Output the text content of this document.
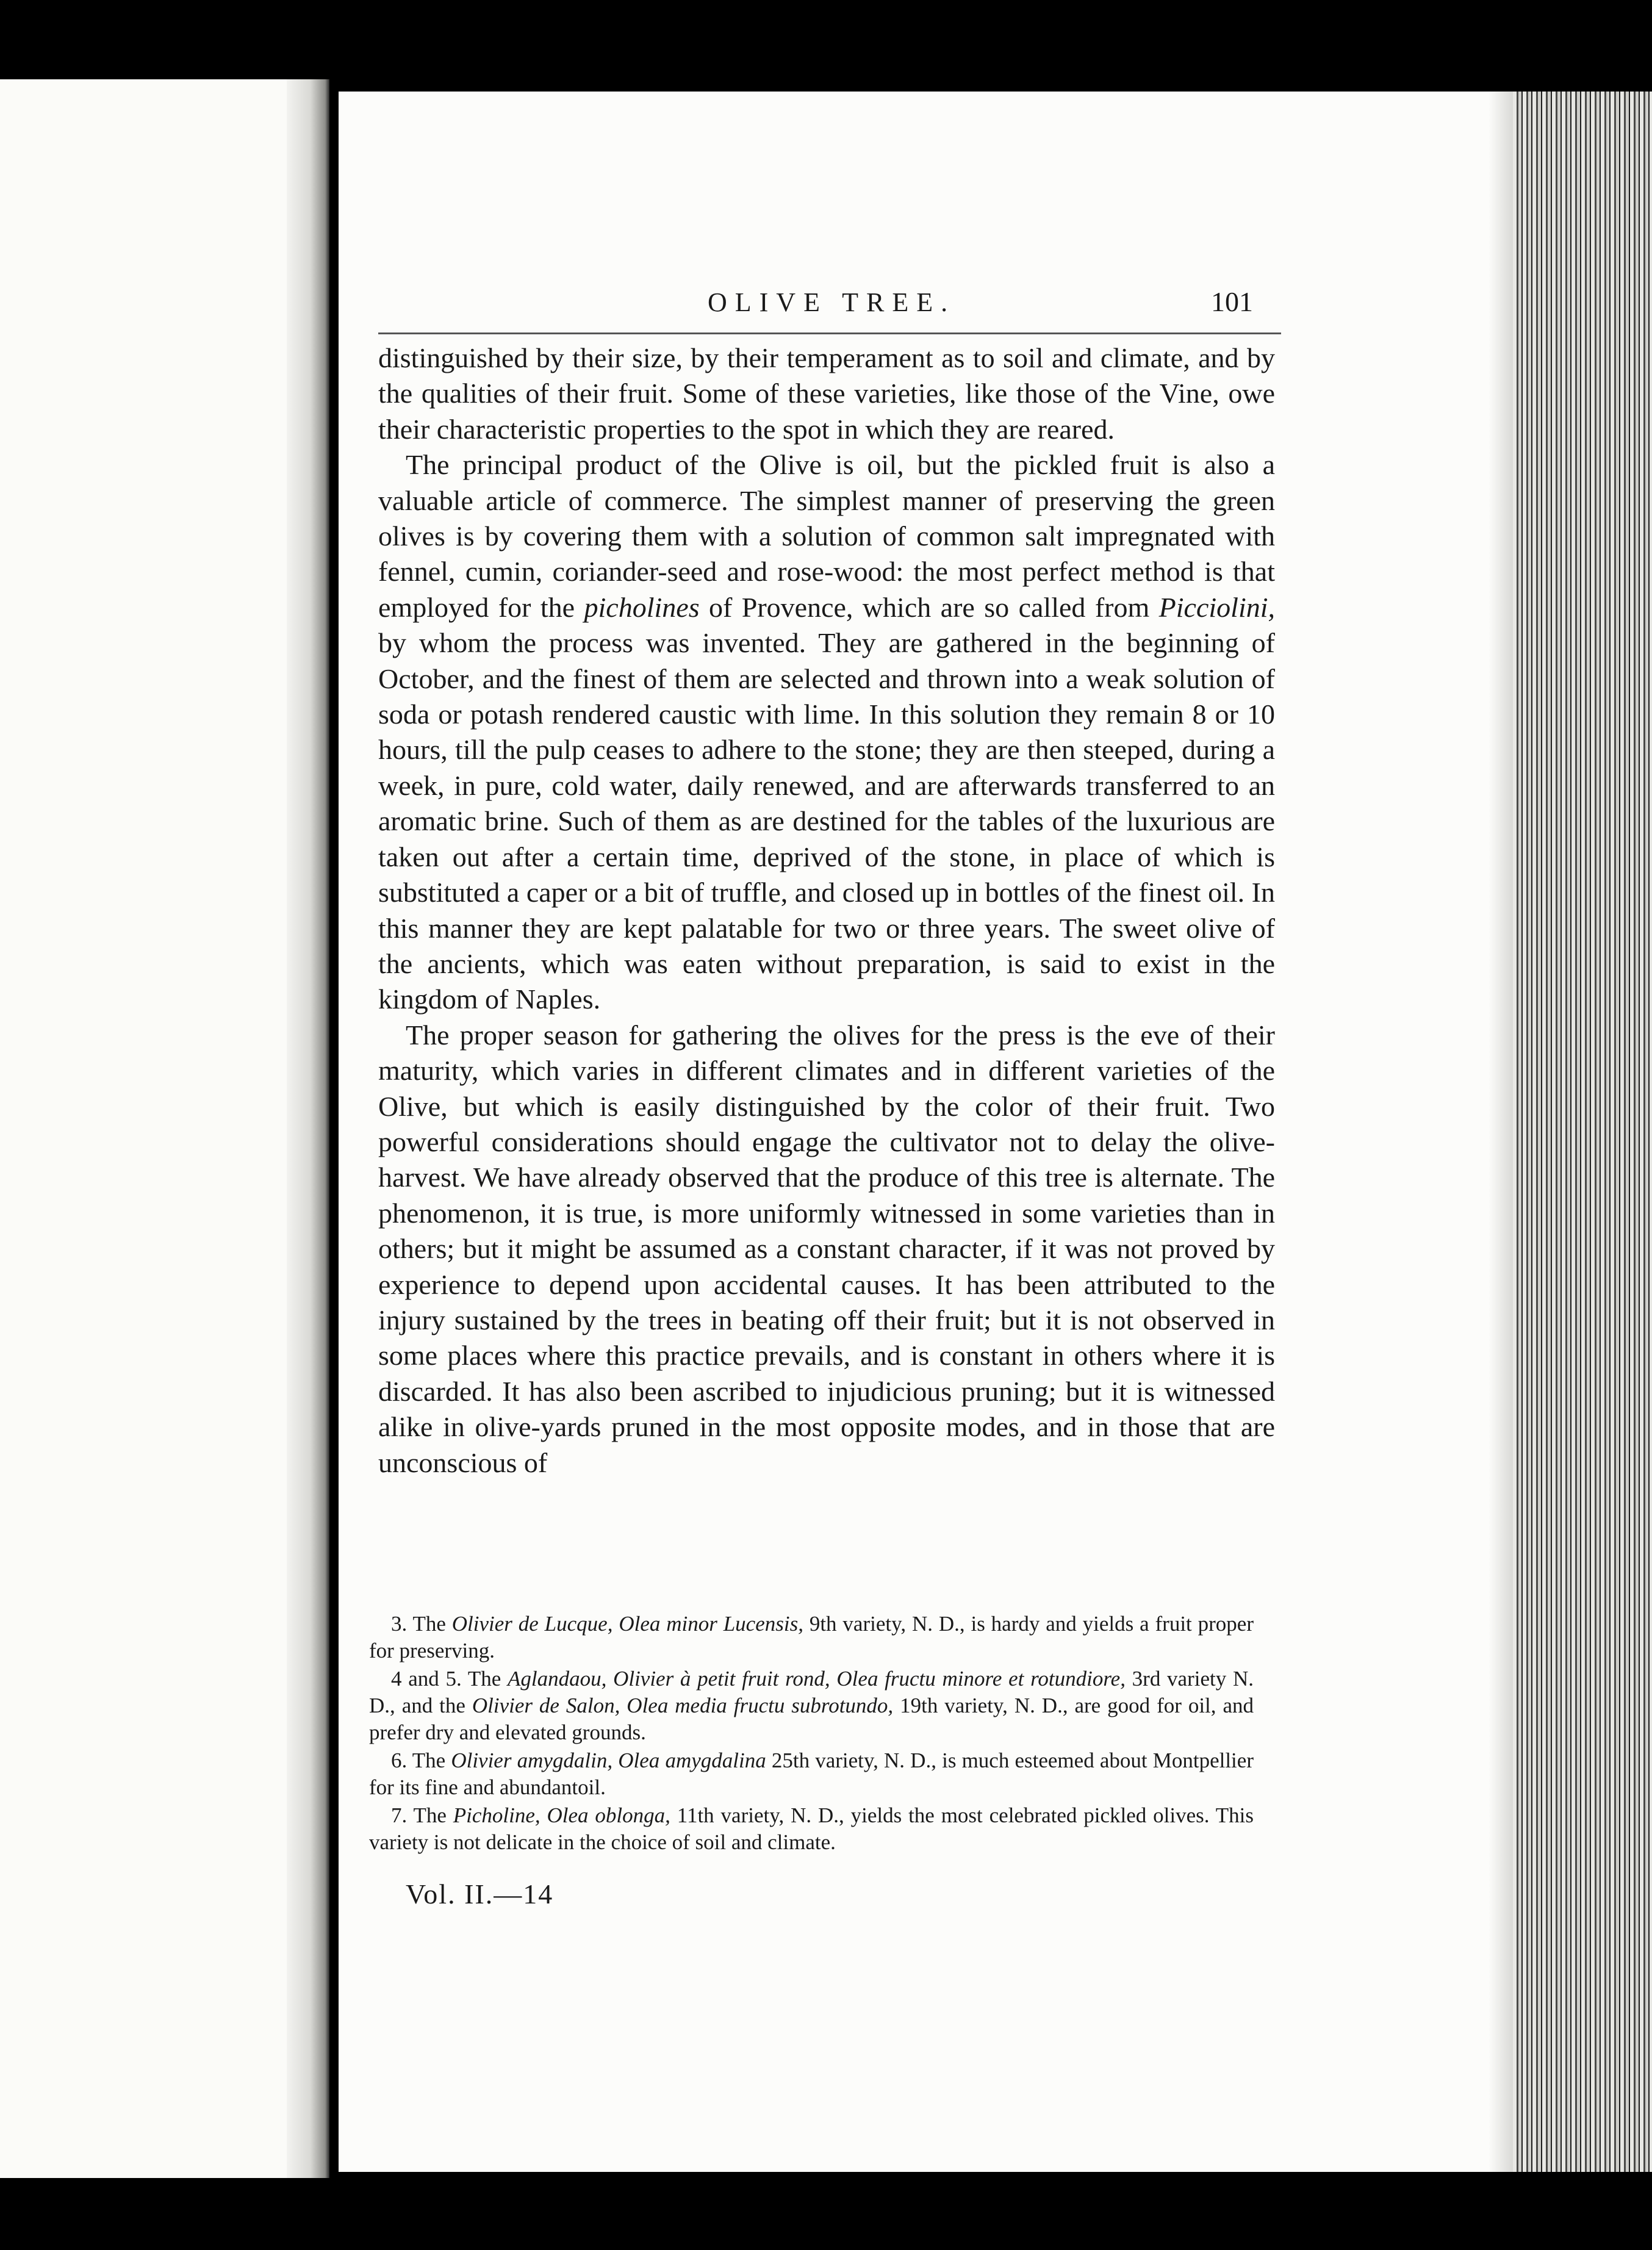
OLIVE TREE.	101

distinguished by their size, by their temperament as to soil and climate, and by the qualities of their fruit. Some of these varieties, like those of the Vine, owe their characteristic properties to the spot in which they are reared.

The principal product of the Olive is oil, but the pickled fruit is also a valuable article of commerce. The simplest manner of preserving the green olives is by covering them with a solution of common salt impregnated with fennel, cumin, coriander-seed and rose-wood: the most perfect method is that employed for the picholines of Provence, which are so called from Picciolini, by whom the process was invented. They are gathered in the beginning of October, and the finest of them are selected and thrown into a weak solution of soda or potash rendered caustic with lime. In this solution they remain 8 or 10 hours, till the pulp ceases to adhere to the stone; they are then steeped, during a week, in pure, cold water, daily renewed, and are afterwards transferred to an aromatic brine. Such of them as are destined for the tables of the luxurious are taken out after a certain time, deprived of the stone, in place of which is substituted a caper or a bit of truffle, and closed up in bottles of the finest oil. In this manner they are kept palatable for two or three years. The sweet olive of the ancients, which was eaten without preparation, is said to exist in the kingdom of Naples.

The proper season for gathering the olives for the press is the eve of their maturity, which varies in different climates and in different varieties of the Olive, but which is easily distinguished by the color of their fruit. Two powerful considerations should engage the cultivator not to delay the olive-harvest. We have already observed that the produce of this tree is alternate. The phenomenon, it is true, is more uniformly witnessed in some varieties than in others; but it might be assumed as a constant character, if it was not proved by experience to depend upon accidental causes. It has been attributed to the injury sustained by the trees in beating off their fruit; but it is not observed in some places where this practice prevails, and is constant in others where it is discarded. It has also been ascribed to injudicious pruning; but it is witnessed alike in olive-yards pruned in the most opposite modes, and in those that are unconscious of

3. The Olivier de Lucque, Olea minor Lucensis, 9th variety, N. D., is hardy and yields a fruit proper for preserving.

4 and 5. The Aglandaou, Olivier à petit fruit rond, Olea fructu minore et rotundiore, 3rd variety N. D., and the Olivier de Salon, Olea media fructu subrotundo, 19th variety, N. D., are good for oil, and prefer dry and elevated grounds.

6. The Olivier amygdalin, Olea amygdalina 25th variety, N. D., is much esteemed about Montpellier for its fine and abundantoil.

7. The Picholine, Olea oblonga, 11th variety, N. D., yields the most celebrated pickled olives. This variety is not delicate in the choice of soil and climate.

Vol. II.—14
